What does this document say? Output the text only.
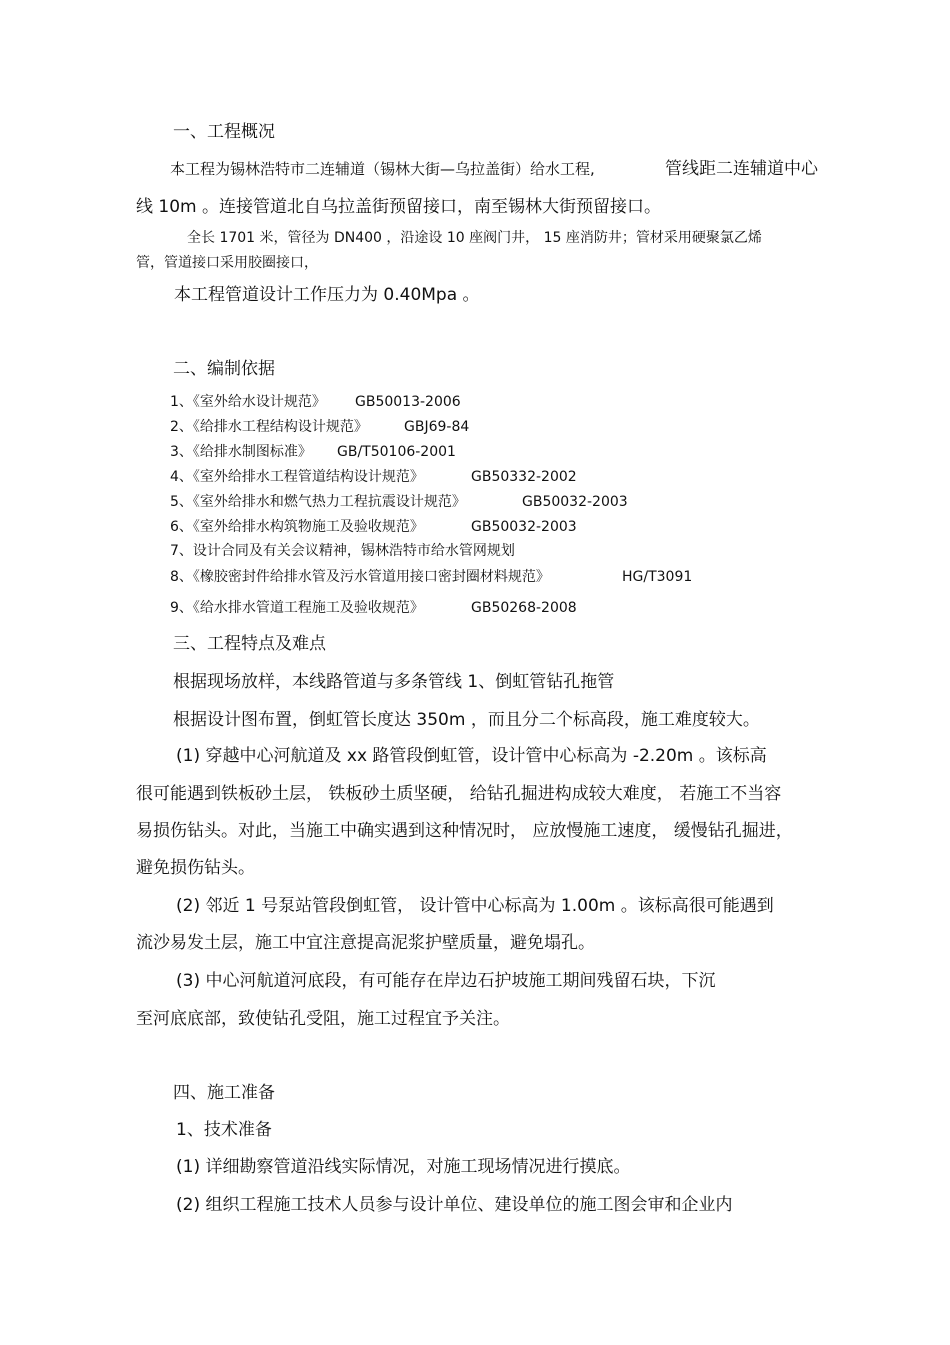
一、工程概况
本工程为锡林浩特市二连辅道（锡林大街—乌拉盖街）给水工程,	管线距二连辅道中心
线 10m 。连接管道北自乌拉盖街预留接口，南至锡林大街预留接口。
全长 1701 米，管径为 DN400 ，沿途设 10 座阀门井， 15 座消防井；管材采用硬聚氯乙烯
管，管道接口采用胶圈接口，
本工程管道设计工作压力为 0.40Mpa 。
二、编制依据
1、《室外给水设计规范》 GB50013-2006
2、《给排水工程结构设计规范》	GBJ69-84
3、《给排水制图标准》 GB/T50106-2001
4、《室外给排水工程管道结构设计规范》	GB50332-2002
5、《室外给排水和燃气热力工程抗震设计规范》	GB50032-2003
6、《室外给排水构筑物施工及验收规范》	GB50032-2003
7、设计合同及有关会议精神，锡林浩特市给水管网规划
8、《橡胶密封件给排水管及污水管道用接口密封圈材料规范》	HG/T3091
9、《给水排水管道工程施工及验收规范》	GB50268-2008
三、工程特点及难点
根据现场放样，本线路管道与多条管线 1、倒虹管钻孔拖管
根据设计图布置，倒虹管长度达 350m ，而且分二个标高段，施工难度较大。
(1) 穿越中心河航道及 xx 路管段倒虹管，设计管中心标高为 -2.20m 。该标高
很可能遇到铁板砂土层， 铁板砂土质坚硬， 给钻孔掘进构成较大难度， 若施工不当容
易损伤钻头。对此，当施工中确实遇到这种情况时， 应放慢施工速度， 缓慢钻孔掘进，
避免损伤钻头。
(2) 邻近 1 号泵站管段倒虹管， 设计管中心标高为 1.00m 。该标高很可能遇到
流沙易发土层，施工中宜注意提高泥浆护壁质量，避免塌孔。
(3) 中心河航道河底段，有可能存在岸边石护坡施工期间残留石块，下沉
至河底底部，致使钻孔受阻，施工过程宜予关注。
四、施工准备
1、技术准备
(1) 详细勘察管道沿线实际情况，对施工现场情况进行摸底。
(2) 组织工程施工技术人员参与设计单位、建设单位的施工图会审和企业内
